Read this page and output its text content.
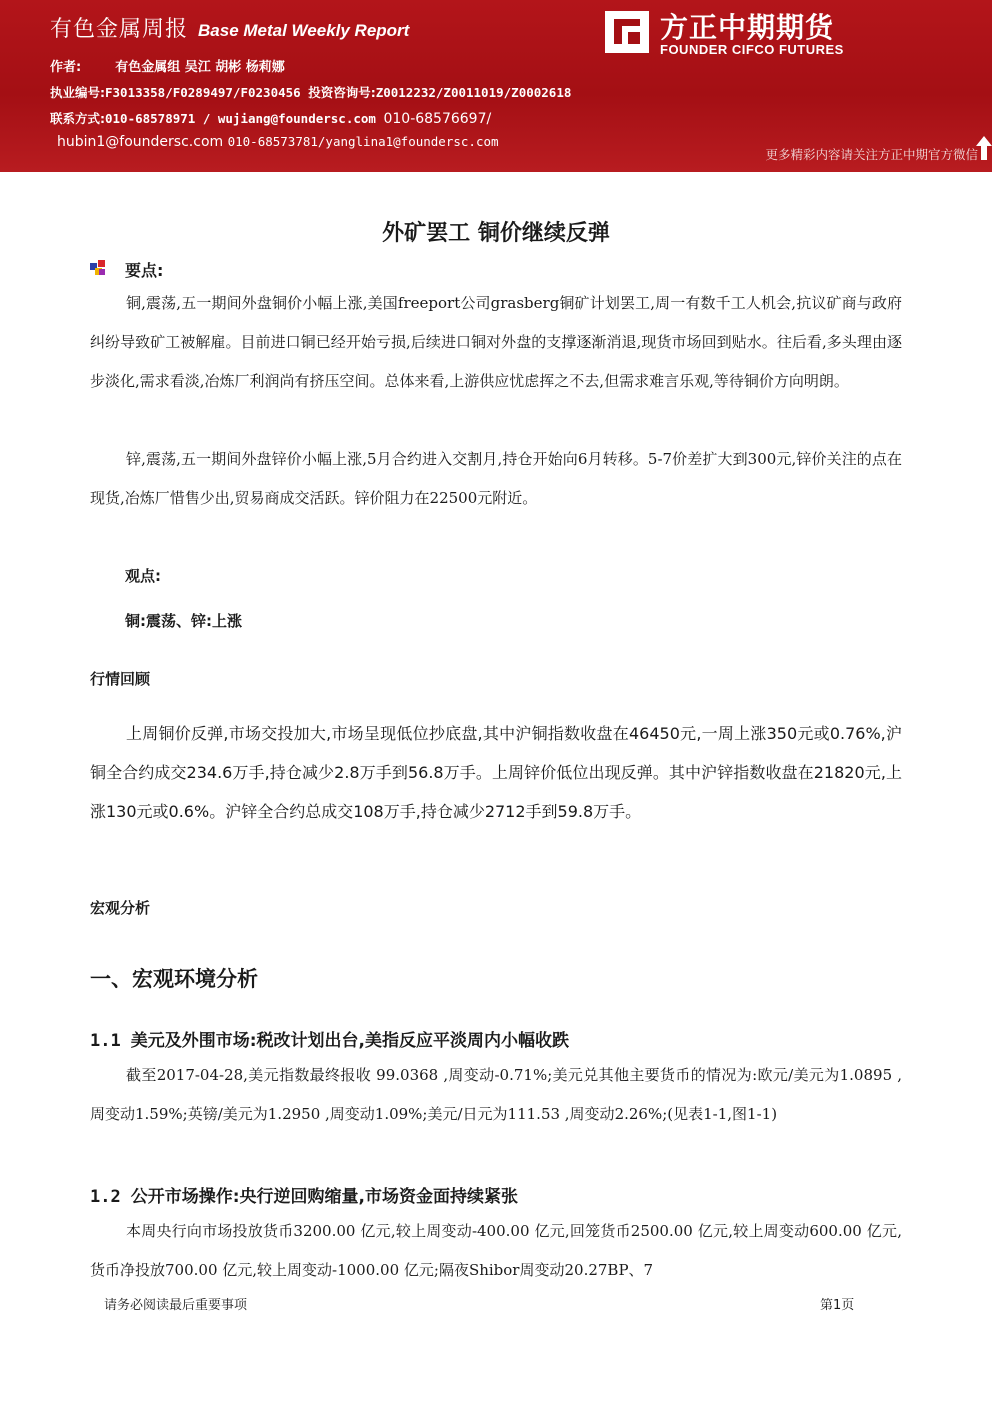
有色金属周报 Base Metal Weekly Report
作者:	有色金属组 吴江 胡彬 杨莉娜
执业编号:F3013358/F0289497/F0230456 投资咨询号:Z0012232/Z0011019/Z0002618
联系方式:010-68578971 / wujiang@foundersc.com 010-68576697/
hubin1@foundersc.com 010-68573781/yanglina1@foundersc.com
方正中期期货
FOUNDER CIFCO FUTURES
更多精彩内容请关注方正中期官方微信
外矿罢工 铜价继续反弹
要点:
铜,震荡,五一期间外盘铜价小幅上涨,美国freeport公司grasberg铜矿计划罢工,周一有数千工人机会,抗议矿商与政府纠纷导致矿工被解雇。目前进口铜已经开始亏损,后续进口铜对外盘的支撑逐渐消退,现货市场回到贴水。往后看,多头理由逐步淡化,需求看淡,冶炼厂利润尚有挤压空间。总体来看,上游供应忧虑挥之不去,但需求难言乐观,等待铜价方向明朗。
锌,震荡,五一期间外盘锌价小幅上涨,5月合约进入交割月,持仓开始向6月转移。5-7价差扩大到300元,锌价关注的点在现货,冶炼厂惜售少出,贸易商成交活跃。锌价阻力在22500元附近。
观点:
铜:震荡、锌:上涨
行情回顾
上周铜价反弹,市场交投加大,市场呈现低位抄底盘,其中沪铜指数收盘在46450元,一周上涨350元或0.76%,沪铜全合约成交234.6万手,持仓减少2.8万手到56.8万手。上周锌价低位出现反弹。其中沪锌指数收盘在21820元,上涨130元或0.6%。沪锌全合约总成交108万手,持仓减少2712手到59.8万手。
宏观分析
一、宏观环境分析
1.1 美元及外围市场:税改计划出台,美指反应平淡周内小幅收跌
截至2017-04-28,美元指数最终报收 99.0368 ,周变动-0.71%;美元兑其他主要货币的情况为:欧元/美元为1.0895 ,周变动1.59%;英镑/美元为1.2950 ,周变动1.09%;美元/日元为111.53 ,周变动2.26%;(见表1-1,图1-1)
1.2 公开市场操作:央行逆回购缩量,市场资金面持续紧张
本周央行向市场投放货币3200.00 亿元,较上周变动-400.00 亿元,回笼货币2500.00 亿元,较上周变动600.00 亿元,货币净投放700.00 亿元,较上周变动-1000.00 亿元;隔夜Shibor周变动20.27BP、7
请务必阅读最后重要事项	第1页
